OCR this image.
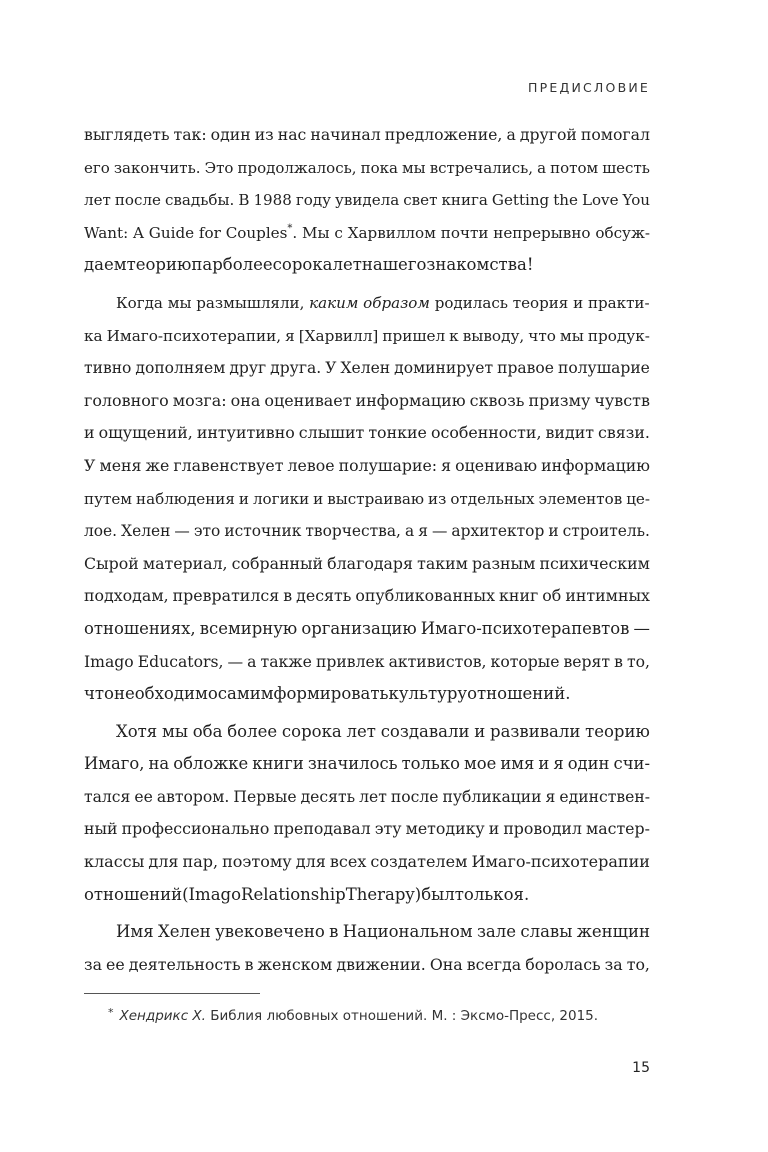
ПРЕДИСЛОВИЕ
выглядеть так: один из нас начинал предложение, а другой помогал
его закончить. Это продолжалось, пока мы встречались, а потом шесть
лет после свадьбы. В 1988 году увидела свет книга Getting the Love You
Want: A Guide for Couples*. Мы с Харвиллом почти непрерывно обсуж-
даем теорию пар более сорока лет нашего знакомства!
Когда мы размышляли, каким образом родилась теория и практи-
ка Имаго-психотерапии, я [Харвилл] пришел к выводу, что мы продук-
тивно дополняем друг друга. У Хелен доминирует правое полушарие
головного мозга: она оценивает информацию сквозь призму чувств
и ощущений, интуитивно слышит тонкие особенности, видит связи.
У меня же главенствует левое полушарие: я оцениваю информацию
путем наблюдения и логики и выстраиваю из отдельных элементов це-
лое. Хелен — это источник творчества, а я — архитектор и строитель.
Сырой материал, собранный благодаря таким разным психическим
подходам, превратился в десять опубликованных книг об интимных
отношениях, всемирную организацию Имаго-психотерапевтов —
Imago Educators, — а также привлек активистов, которые верят в то,
что необходимо самим формировать культуру отношений.
Хотя мы оба более сорока лет создавали и развивали теорию
Имаго, на обложке книги значилось только мое имя и я один счи-
тался ее автором. Первые десять лет после публикации я единствен-
ный профессионально преподавал эту методику и проводил мастер-
классы для пар, поэтому для всех создателем Имаго-психотерапии
отношений (Imago Relationship Therapy) был только я.
Имя Хелен увековечено в Национальном зале славы женщин
за ее деятельность в женском движении. Она всегда боролась за то,
* Хендрикс Х. Библия любовных отношений. М. : Эксмо-Пресс, 2015.
15
